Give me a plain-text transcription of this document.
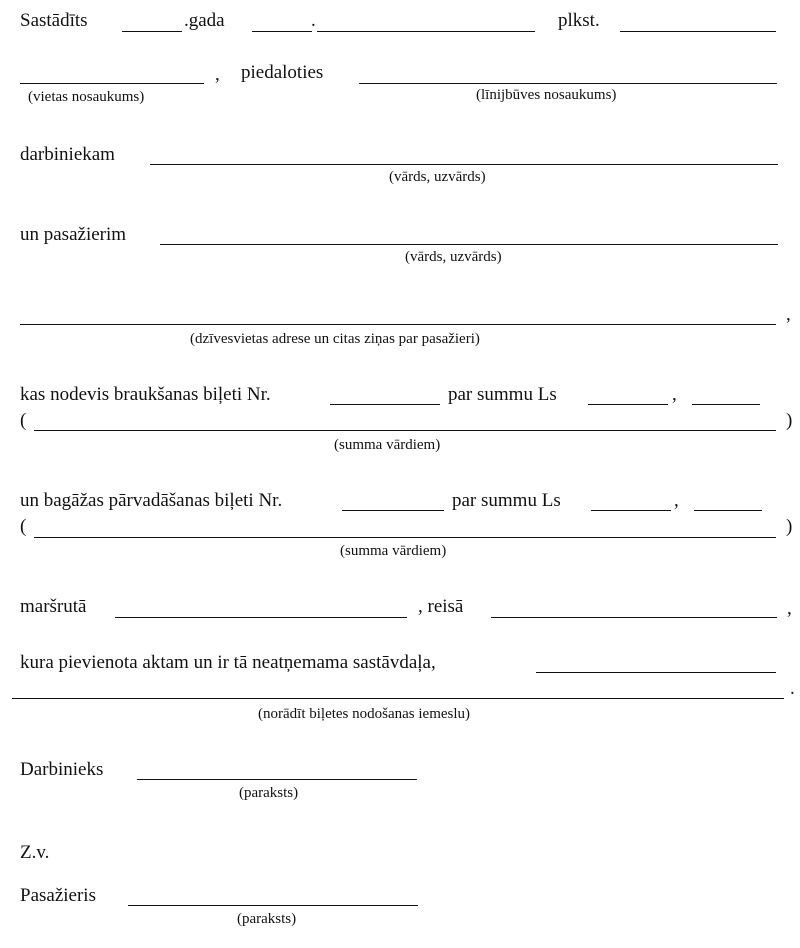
Sastādīts	.gada	.	plkst.
, piedaloties
(vietas nosaukums)	(līnijbūves nosaukums)
darbiniekam
(vārds, uzvārds)
un pasažierim
(vārds, uzvārds)
,
(dzīvesvietas adrese un citas ziņas par pasažieri)
kas nodevis braukšanas biļeti Nr.	par summu Ls	,
(	)
(summa vārdiem)
un bagāžas pārvadāšanas biļeti Nr.	par summu Ls	,
(	)
(summa vārdiem)
maršrutā	, reisā	,
kura pievienota aktam un ir tā neatņemama sastāvdaļa,
.
(norādīt biļetes nodošanas iemeslu)
Darbinieks
(paraksts)
Z.v.
Pasažieris
(paraksts)
